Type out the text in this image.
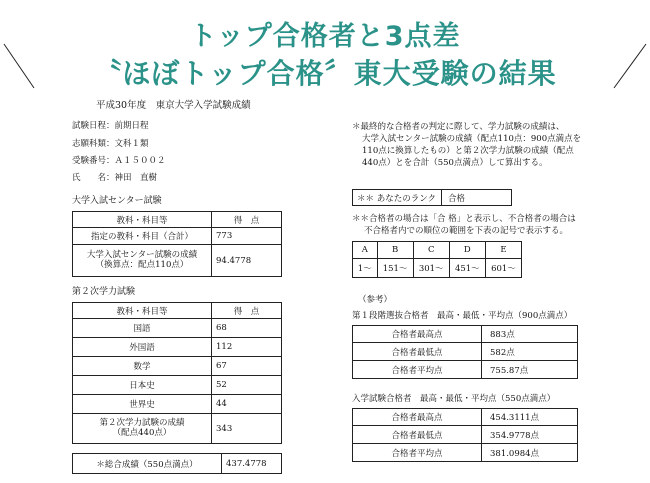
トップ合格者と3点差
〝ほぼトップ合格〞東大受験の結果
平成30年度　東京大学入学試験成績
試験日程：前期日程
志願科類：文科１類
受験番号：Ａ１５００２
氏　　名：神田　直樹
大学入試センター試験
教科・科目等	得　点
指定の教科・科目（合計）	773

大学入試センター試験の成績
（換算点：配点110点）	94.4778
第２次学力試験
教科・科目等	得　点
国語	68
外国語	112
数学	67
日本史	52
世界史	44

第２次学力試験の成績
（配点440点）	343
＊総合成績（550点満点）	437.4778
＊最終的な合格者の判定に際して、学力試験の成績は、
大学入試センター試験の成績（配点110点：900点満点を
110点に換算したもの）と第２次学力試験の成績（配点
440点）とを合計（550点満点）して算出する。
＊＊ あなたのランク	合格
＊＊合格者の場合は「合 格」と表示し、不合格者の場合は
不合格者内での順位の範囲を下表の記号で表示する。
A	B	C	D	E
1～	151～	301～	451～	601～
（参考）
第１段階選抜合格者　最高・最低・平均点（900点満点）
合格者最高点	883点
合格者最低点	582点
合格者平均点	755.87点
入学試験合格者　最高・最低・平均点（550点満点）
合格者最高点	454.3111点
合格者最低点	354.9778点
合格者平均点	381.0984点
